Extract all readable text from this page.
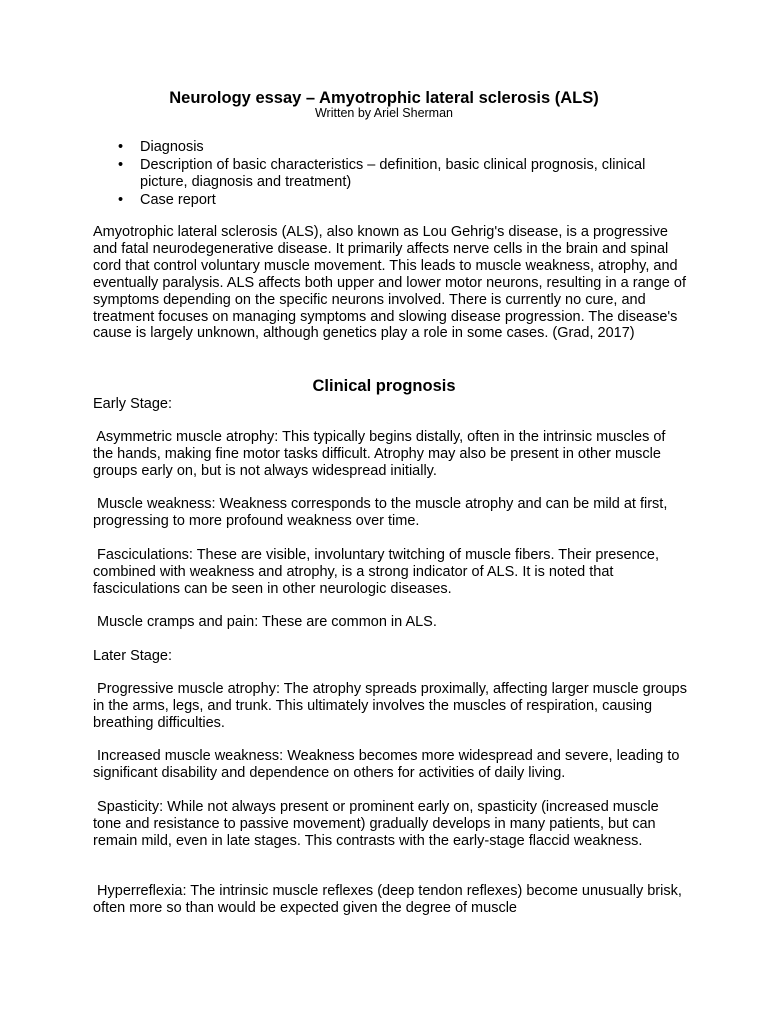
Neurology essay – Amyotrophic lateral sclerosis (ALS)
Written by Ariel Sherman
• Diagnosis
• Description of basic characteristics – definition, basic clinical prognosis, clinical picture, diagnosis and treatment)
• Case report

Amyotrophic lateral sclerosis (ALS), also known as Lou Gehrig's disease, is a progressive and fatal neurodegenerative disease. It primarily affects nerve cells in the brain and spinal cord that control voluntary muscle movement. This leads to muscle weakness, atrophy, and eventually paralysis. ALS affects both upper and lower motor neurons, resulting in a range of symptoms depending on the specific neurons involved. There is currently no cure, and treatment focuses on managing symptoms and slowing disease progression. The disease's cause is largely unknown, although genetics play a role in some cases. (Grad, 2017)

Clinical prognosis

Early Stage:

Asymmetric muscle atrophy: This typically begins distally, often in the intrinsic muscles of the hands, making fine motor tasks difficult. Atrophy may also be present in other muscle groups early on, but is not always widespread initially.

Muscle weakness: Weakness corresponds to the muscle atrophy and can be mild at first, progressing to more profound weakness over time.

Fasciculations: These are visible, involuntary twitching of muscle fibers. Their presence, combined with weakness and atrophy, is a strong indicator of ALS. It is noted that fasciculations can be seen in other neurologic diseases.

Muscle cramps and pain: These are common in ALS.

Later Stage:

Progressive muscle atrophy: The atrophy spreads proximally, affecting larger muscle groups in the arms, legs, and trunk. This ultimately involves the muscles of respiration, causing breathing difficulties.

Increased muscle weakness: Weakness becomes more widespread and severe, leading to significant disability and dependence on others for activities of daily living.

Spasticity: While not always present or prominent early on, spasticity (increased muscle tone and resistance to passive movement) gradually develops in many patients, but can remain mild, even in late stages. This contrasts with the early-stage flaccid weakness.

Hyperreflexia: The intrinsic muscle reflexes (deep tendon reflexes) become unusually brisk, often more so than would be expected given the degree of muscle
